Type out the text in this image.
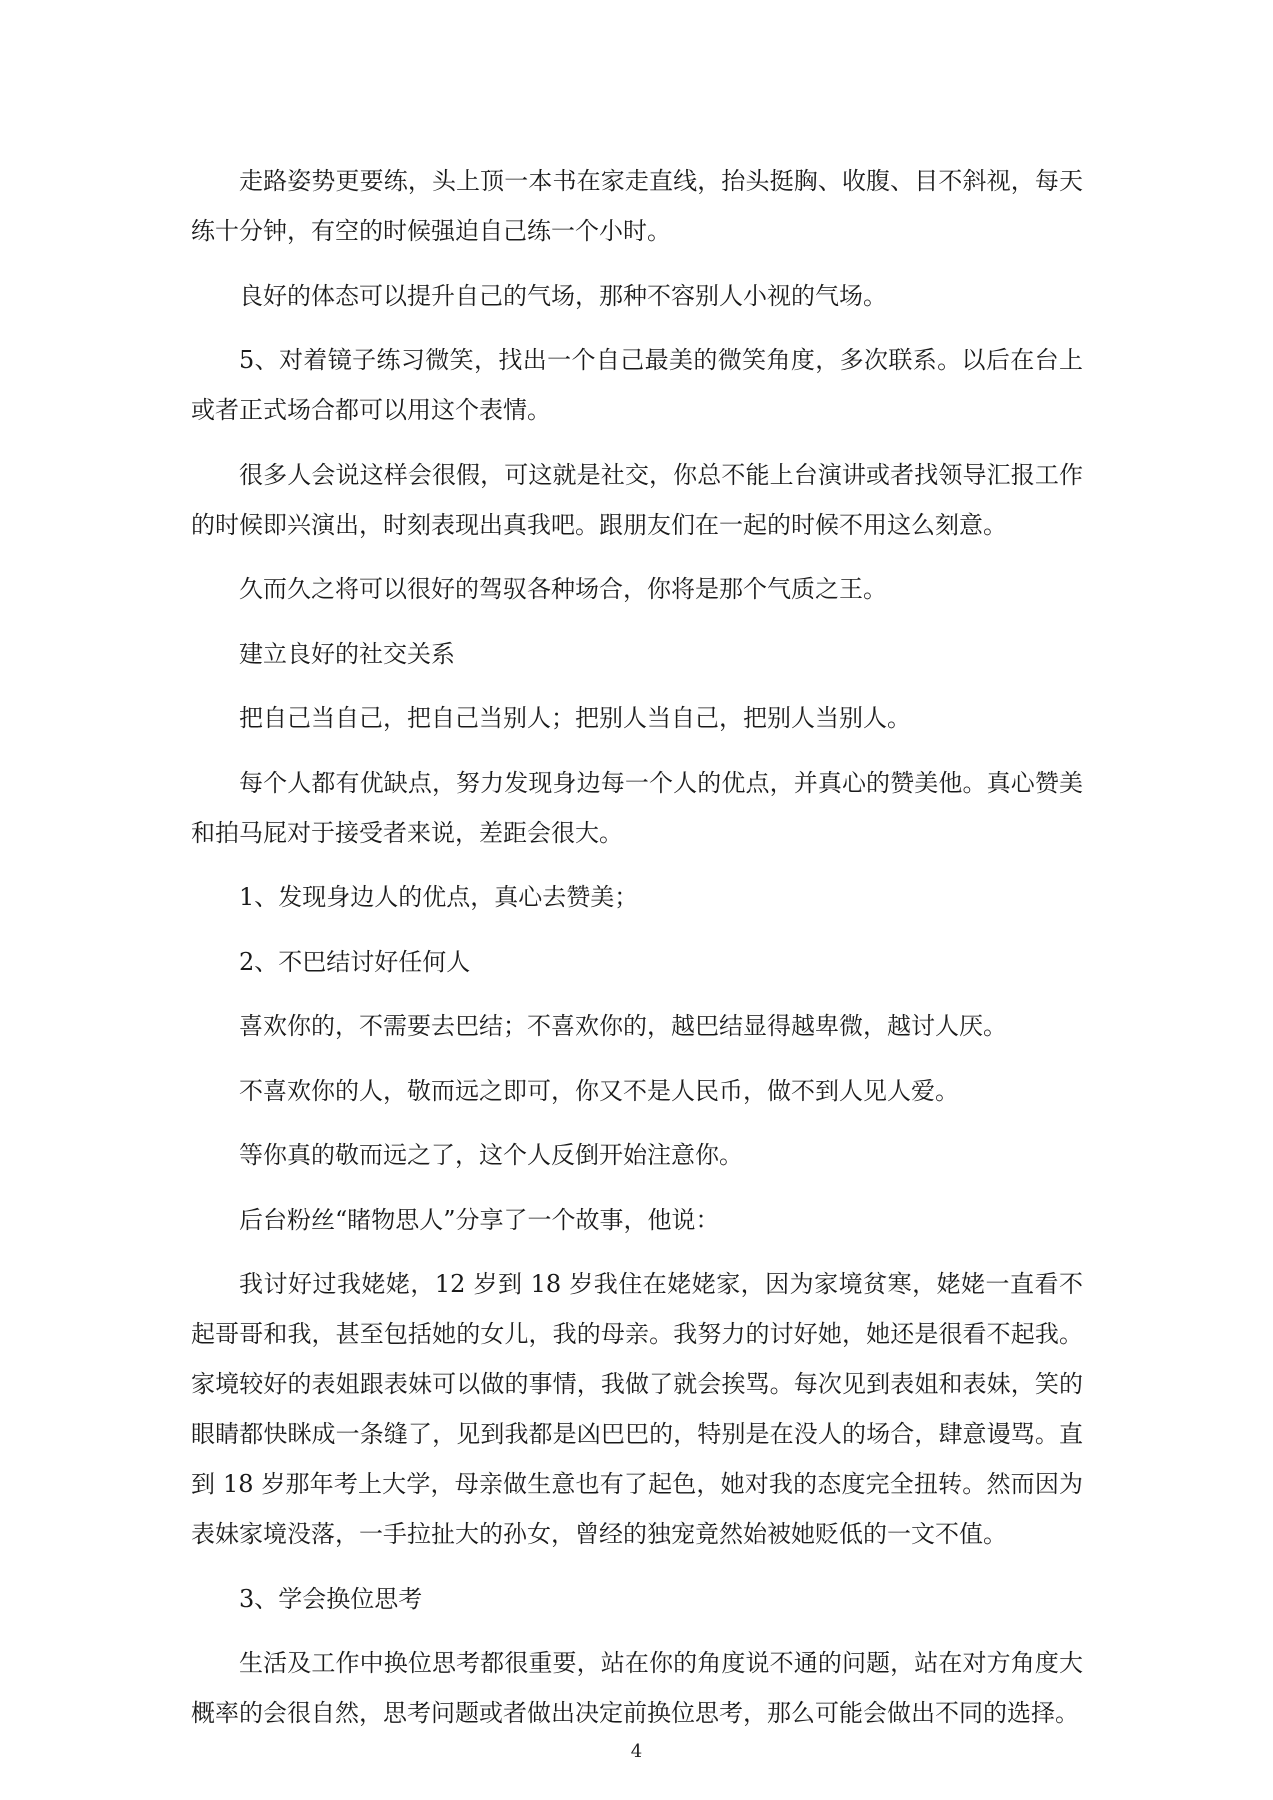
走路姿势更要练，头上顶一本书在家走直线，抬头挺胸、收腹、目不斜视，每天练十分钟，有空的时候强迫自己练一个小时。

良好的体态可以提升自己的气场，那种不容别人小视的气场。

5、对着镜子练习微笑，找出一个自己最美的微笑角度，多次联系。以后在台上或者正式场合都可以用这个表情。

很多人会说这样会很假，可这就是社交，你总不能上台演讲或者找领导汇报工作的时候即兴演出，时刻表现出真我吧。跟朋友们在一起的时候不用这么刻意。

久而久之将可以很好的驾驭各种场合，你将是那个气质之王。

建立良好的社交关系

把自己当自己，把自己当别人；把别人当自己，把别人当别人。

每个人都有优缺点，努力发现身边每一个人的优点，并真心的赞美他。真心赞美和拍马屁对于接受者来说，差距会很大。

1、发现身边人的优点，真心去赞美；

2、不巴结讨好任何人

喜欢你的，不需要去巴结；不喜欢你的，越巴结显得越卑微，越讨人厌。

不喜欢你的人，敬而远之即可，你又不是人民币，做不到人见人爱。

等你真的敬而远之了，这个人反倒开始注意你。

后台粉丝“睹物思人”分享了一个故事，他说：

我讨好过我姥姥，12 岁到 18 岁我住在姥姥家，因为家境贫寒，姥姥一直看不起哥哥和我，甚至包括她的女儿，我的母亲。我努力的讨好她，她还是很看不起我。家境较好的表姐跟表妹可以做的事情，我做了就会挨骂。每次见到表姐和表妹，笑的眼睛都快眯成一条缝了，见到我都是凶巴巴的，特别是在没人的场合，肆意谩骂。直到 18 岁那年考上大学，母亲做生意也有了起色，她对我的态度完全扭转。然而因为表妹家境没落，一手拉扯大的孙女，曾经的独宠竟然始被她贬低的一文不值。

3、学会换位思考

生活及工作中换位思考都很重要，站在你的角度说不通的问题，站在对方角度大概率的会很自然，思考问题或者做出决定前换位思考，那么可能会做出不同的选择。

4
